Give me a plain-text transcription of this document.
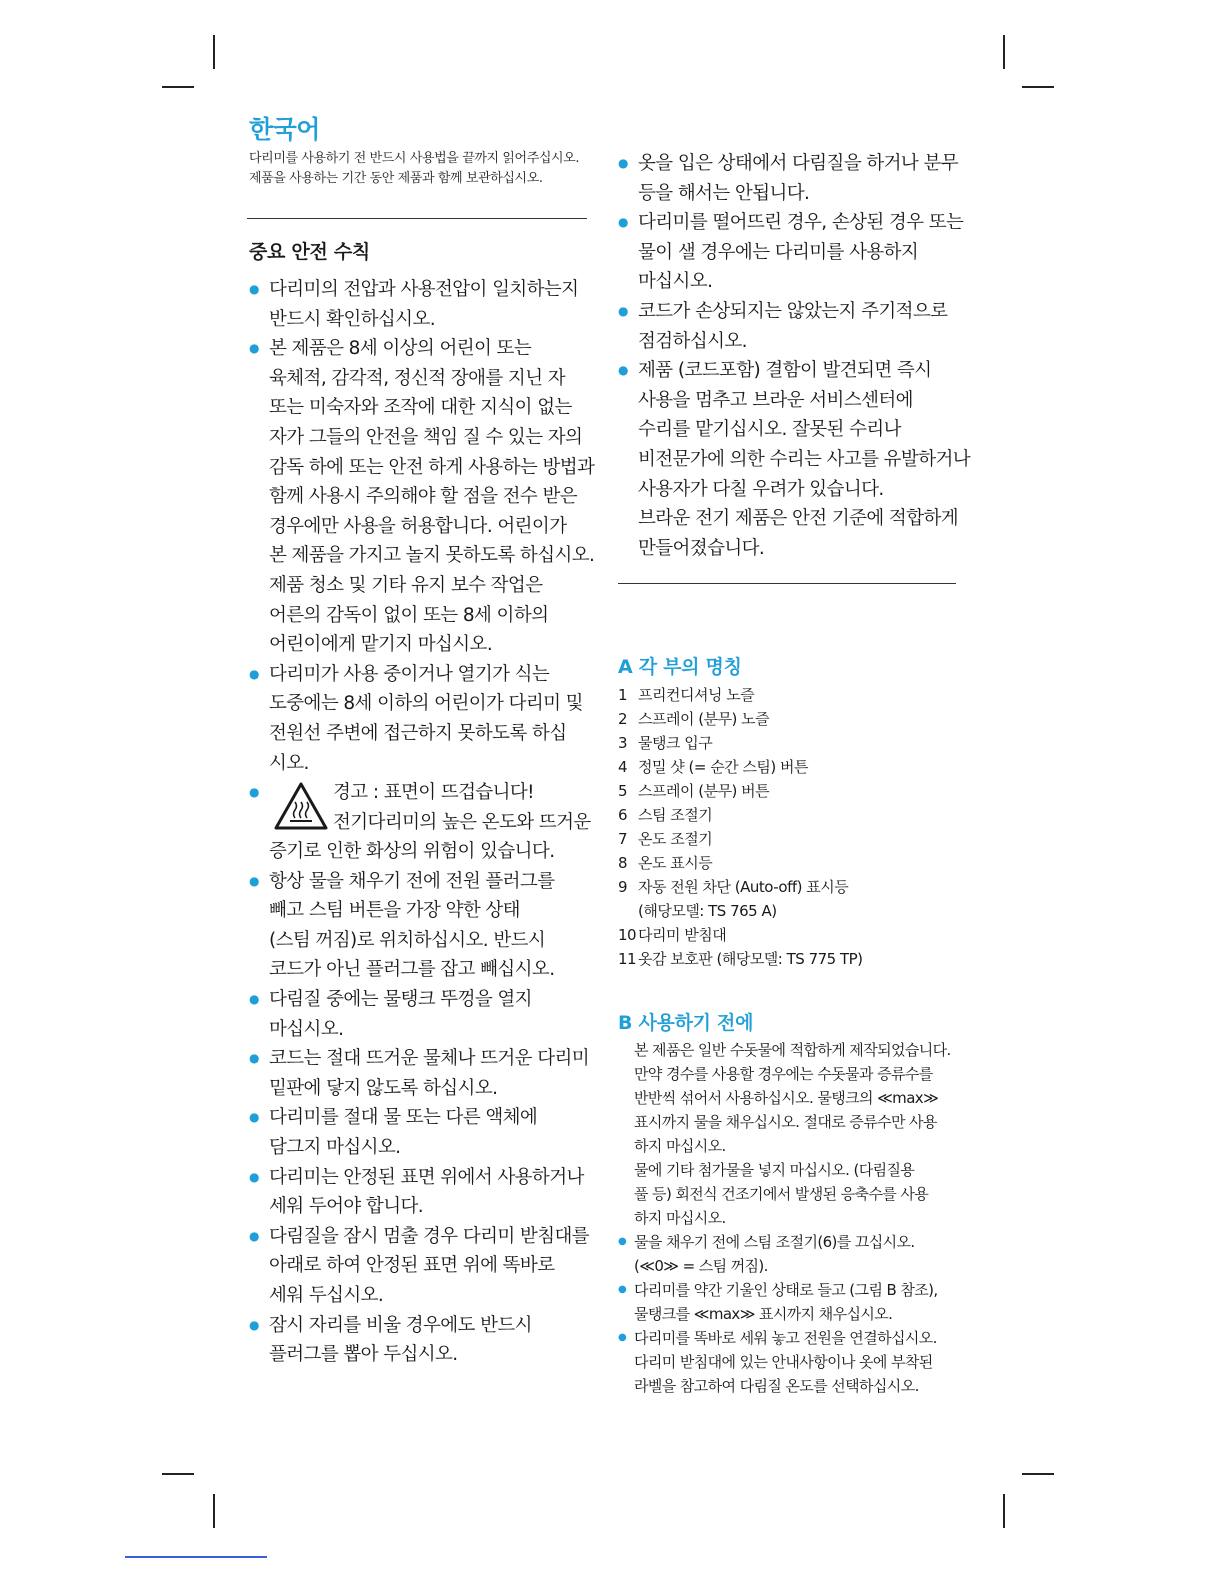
한국어
다리미를 사용하기 전 반드시 사용법을 끝까지 읽어주십시오.
제품을 사용하는 기간 동안 제품과 함께 보관하십시오.
중요 안전 수칙
● 다리미의 전압과 사용전압이 일치하는지
반드시 확인하십시오.
● 본 제품은 8세 이상의 어린이 또는
육체적, 감각적, 정신적 장애를 지닌 자
또는 미숙자와 조작에 대한 지식이 없는
자가 그들의 안전을 책임 질 수 있는 자의
감독 하에 또는 안전 하게 사용하는 방법과
함께 사용시 주의해야 할 점을 전수 받은
경우에만 사용을 허용합니다. 어린이가
본 제품을 가지고 놀지 못하도록 하십시오.
제품 청소 및 기타 유지 보수 작업은
어른의 감독이 없이 또는 8세 이하의
어린이에게 맡기지 마십시오.
● 다리미가 사용 중이거나 열기가 식는
도중에는 8세 이하의 어린이가 다리미 및
전원선 주변에 접근하지 못하도록 하십
시오.
● 경고 : 표면이 뜨겁습니다!
전기다리미의 높은 온도와 뜨거운
증기로 인한 화상의 위험이 있습니다.
● 항상 물을 채우기 전에 전원 플러그를
빼고 스팀 버튼을 가장 약한 상태
(스팀 꺼짐)로 위치하십시오. 반드시
코드가 아닌 플러그를 잡고 빼십시오.
● 다림질 중에는 물탱크 뚜껑을 열지
마십시오.
● 코드는 절대 뜨거운 물체나 뜨거운 다리미
밑판에 닿지 않도록 하십시오.
● 다리미를 절대 물 또는 다른 액체에
담그지 마십시오.
● 다리미는 안정된 표면 위에서 사용하거나
세워 두어야 합니다.
● 다림질을 잠시 멈출 경우 다리미 받침대를
아래로 하여 안정된 표면 위에 똑바로
세워 두십시오.
● 잠시 자리를 비울 경우에도 반드시
플러그를 뽑아 두십시오.
● 옷을 입은 상태에서 다림질을 하거나 분무
등을 해서는 안됩니다.
● 다리미를 떨어뜨린 경우, 손상된 경우 또는
물이 샐 경우에는 다리미를 사용하지
마십시오.
● 코드가 손상되지는 않았는지 주기적으로
점검하십시오.
● 제품 (코드포함) 결함이 발견되면 즉시
사용을 멈추고 브라운 서비스센터에
수리를 맡기십시오. 잘못된 수리나
비전문가에 의한 수리는 사고를 유발하거나
사용자가 다칠 우려가 있습니다.
브라운 전기 제품은 안전 기준에 적합하게
만들어졌습니다.
A 각 부의 명칭
1 프리컨디셔닝 노즐
2 스프레이 (분무) 노즐
3 물탱크 입구
4 정밀 샷 (= 순간 스팀) 버튼
5 스프레이 (분무) 버튼
6 스팀 조절기
7 온도 조절기
8 온도 표시등
9 자동 전원 차단 (Auto-off) 표시등
(해당모델: TS 765 A)
10 다리미 받침대
11 옷감 보호판 (해당모델: TS 775 TP)
B 사용하기 전에
본 제품은 일반 수돗물에 적합하게 제작되었습니다.
만약 경수를 사용할 경우에는 수돗물과 증류수를
반반씩 섞어서 사용하십시오. 물탱크의 ≪max≫
표시까지 물을 채우십시오. 절대로 증류수만 사용
하지 마십시오.
물에 기타 첨가물을 넣지 마십시오. (다림질용
풀 등) 회전식 건조기에서 발생된 응축수를 사용
하지 마십시오.
● 물을 채우기 전에 스팀 조절기(6)를 끄십시오.
(≪0≫ = 스팀 꺼짐).
● 다리미를 약간 기울인 상태로 들고 (그림 B 참조),
물탱크를 ≪max≫ 표시까지 채우십시오.
● 다리미를 똑바로 세워 놓고 전원을 연결하십시오.
다리미 받침대에 있는 안내사항이나 옷에 부착된
라벨을 참고하여 다림질 온도를 선택하십시오.
